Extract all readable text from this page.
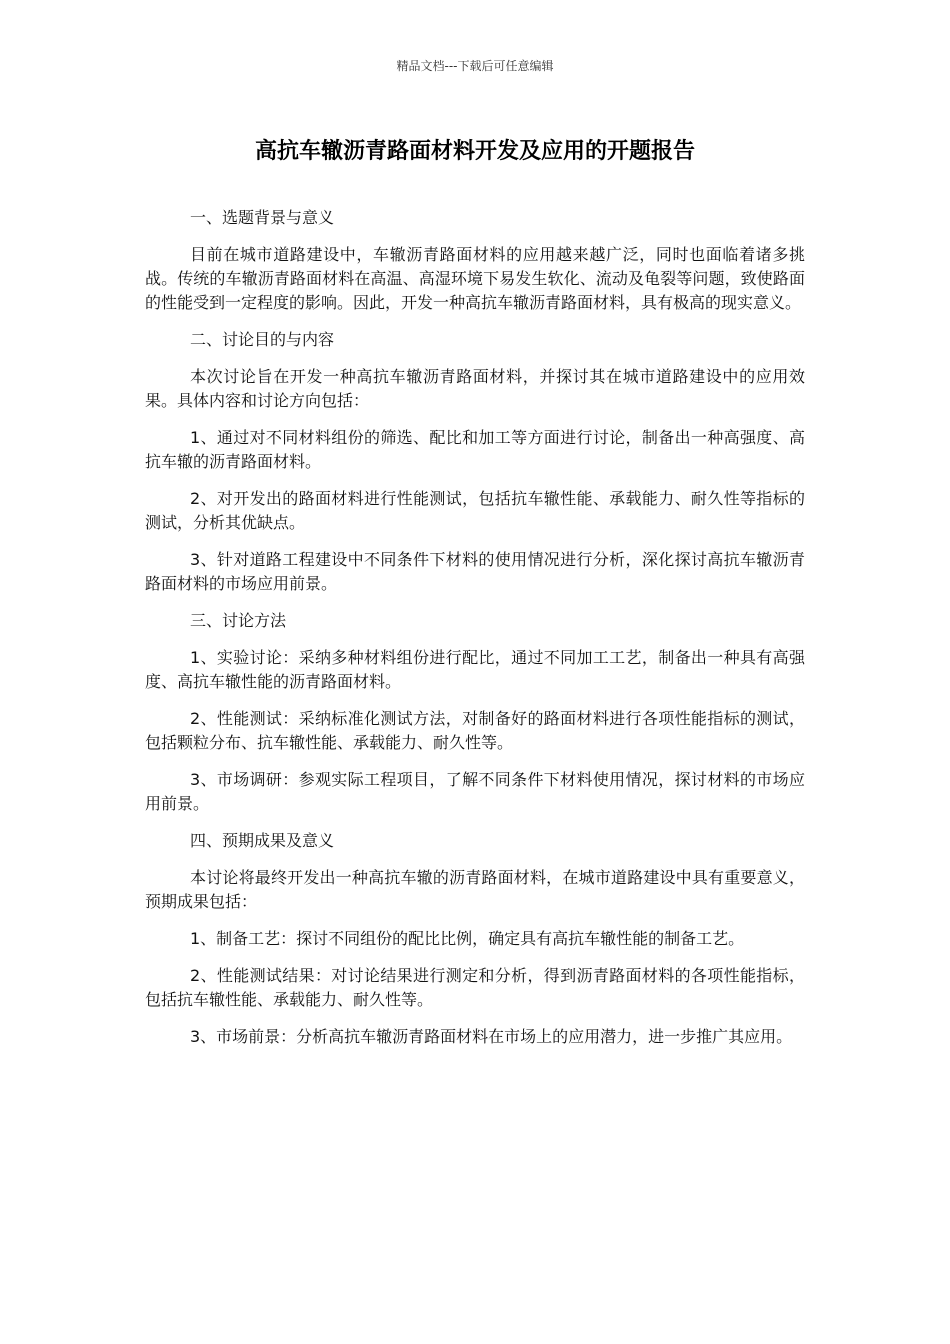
精品文档---下载后可任意编辑
高抗车辙沥青路面材料开发及应用的开题报告
一、选题背景与意义
目前在城市道路建设中，车辙沥青路面材料的应用越来越广泛，同时也面临着诸多挑战。传统的车辙沥青路面材料在高温、高湿环境下易发生软化、流动及龟裂等问题，致使路面的性能受到一定程度的影响。因此，开发一种高抗车辙沥青路面材料，具有极高的现实意义。
二、讨论目的与内容
本次讨论旨在开发一种高抗车辙沥青路面材料，并探讨其在城市道路建设中的应用效果。具体内容和讨论方向包括：
1、通过对不同材料组份的筛选、配比和加工等方面进行讨论，制备出一种高强度、高抗车辙的沥青路面材料。
2、对开发出的路面材料进行性能测试，包括抗车辙性能、承载能力、耐久性等指标的测试，分析其优缺点。
3、针对道路工程建设中不同条件下材料的使用情况进行分析，深化探讨高抗车辙沥青路面材料的市场应用前景。
三、讨论方法
1、实验讨论：采纳多种材料组份进行配比，通过不同加工工艺，制备出一种具有高强度、高抗车辙性能的沥青路面材料。
2、性能测试：采纳标准化测试方法，对制备好的路面材料进行各项性能指标的测试，包括颗粒分布、抗车辙性能、承载能力、耐久性等。
3、市场调研：参观实际工程项目，了解不同条件下材料使用情况，探讨材料的市场应用前景。
四、预期成果及意义
本讨论将最终开发出一种高抗车辙的沥青路面材料，在城市道路建设中具有重要意义，预期成果包括：
1、制备工艺：探讨不同组份的配比比例，确定具有高抗车辙性能的制备工艺。
2、性能测试结果：对讨论结果进行测定和分析，得到沥青路面材料的各项性能指标，包括抗车辙性能、承载能力、耐久性等。
3、市场前景：分析高抗车辙沥青路面材料在市场上的应用潜力，进一步推广其应用。
